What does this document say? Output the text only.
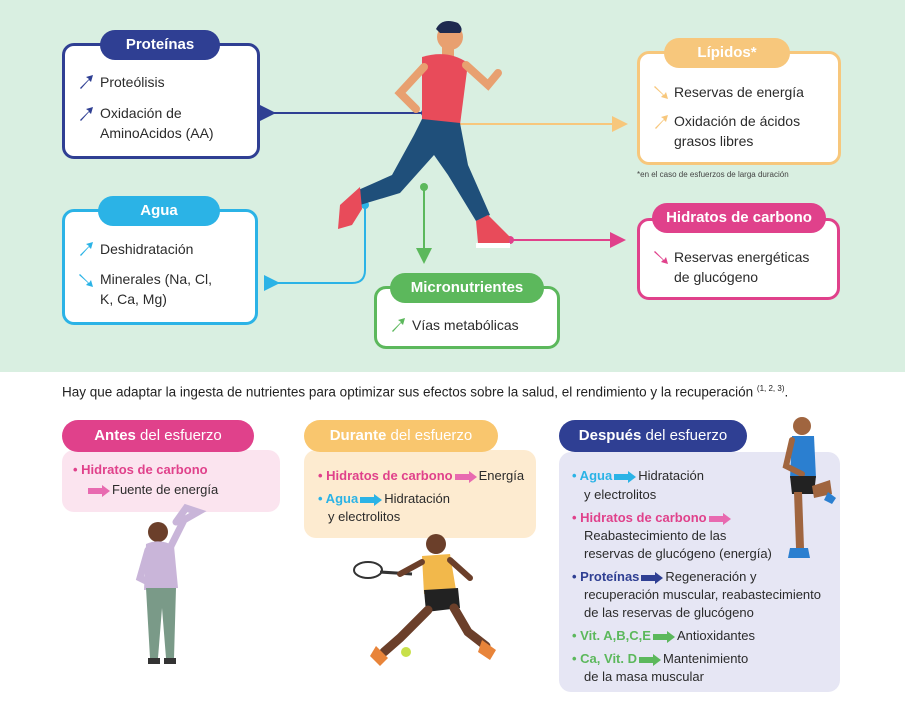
Proteínas
Proteólisis
Oxidación de
AminoAcidos (AA)
Lípidos*
Reservas de energía
Oxidación de ácidos
grasos libres
*en el caso de esfuerzos de larga duración
Agua
Deshidratación
Minerales (Na, Cl,
K, Ca, Mg)
Hidratos de carbono
Reservas energéticas
de glucógeno
Micronutrientes
Vías metabólicas
Hay que adaptar la ingesta de nutrientes para optimizar sus efectos sobre la salud, el rendimiento y la recuperación $^{(1, 2, 3)}$.
Antes del esfuerzo
• Hidratos de carbono
Fuente de energía
Durante del esfuerzo
• Hidratos de carbono Energía
• Agua Hidratación
y electrolitos
Después del esfuerzo
• Agua Hidratación
y electrolitos
• Hidratos de carbono
Reabastecimiento de las
reservas de glucógeno (energía)
• Proteínas Regeneración y
recuperación muscular, reabastecimiento
de las reservas de glucógeno
• Vit. A,B,C,E Antioxidantes
• Ca, Vit. D Mantenimiento
de la masa muscular
